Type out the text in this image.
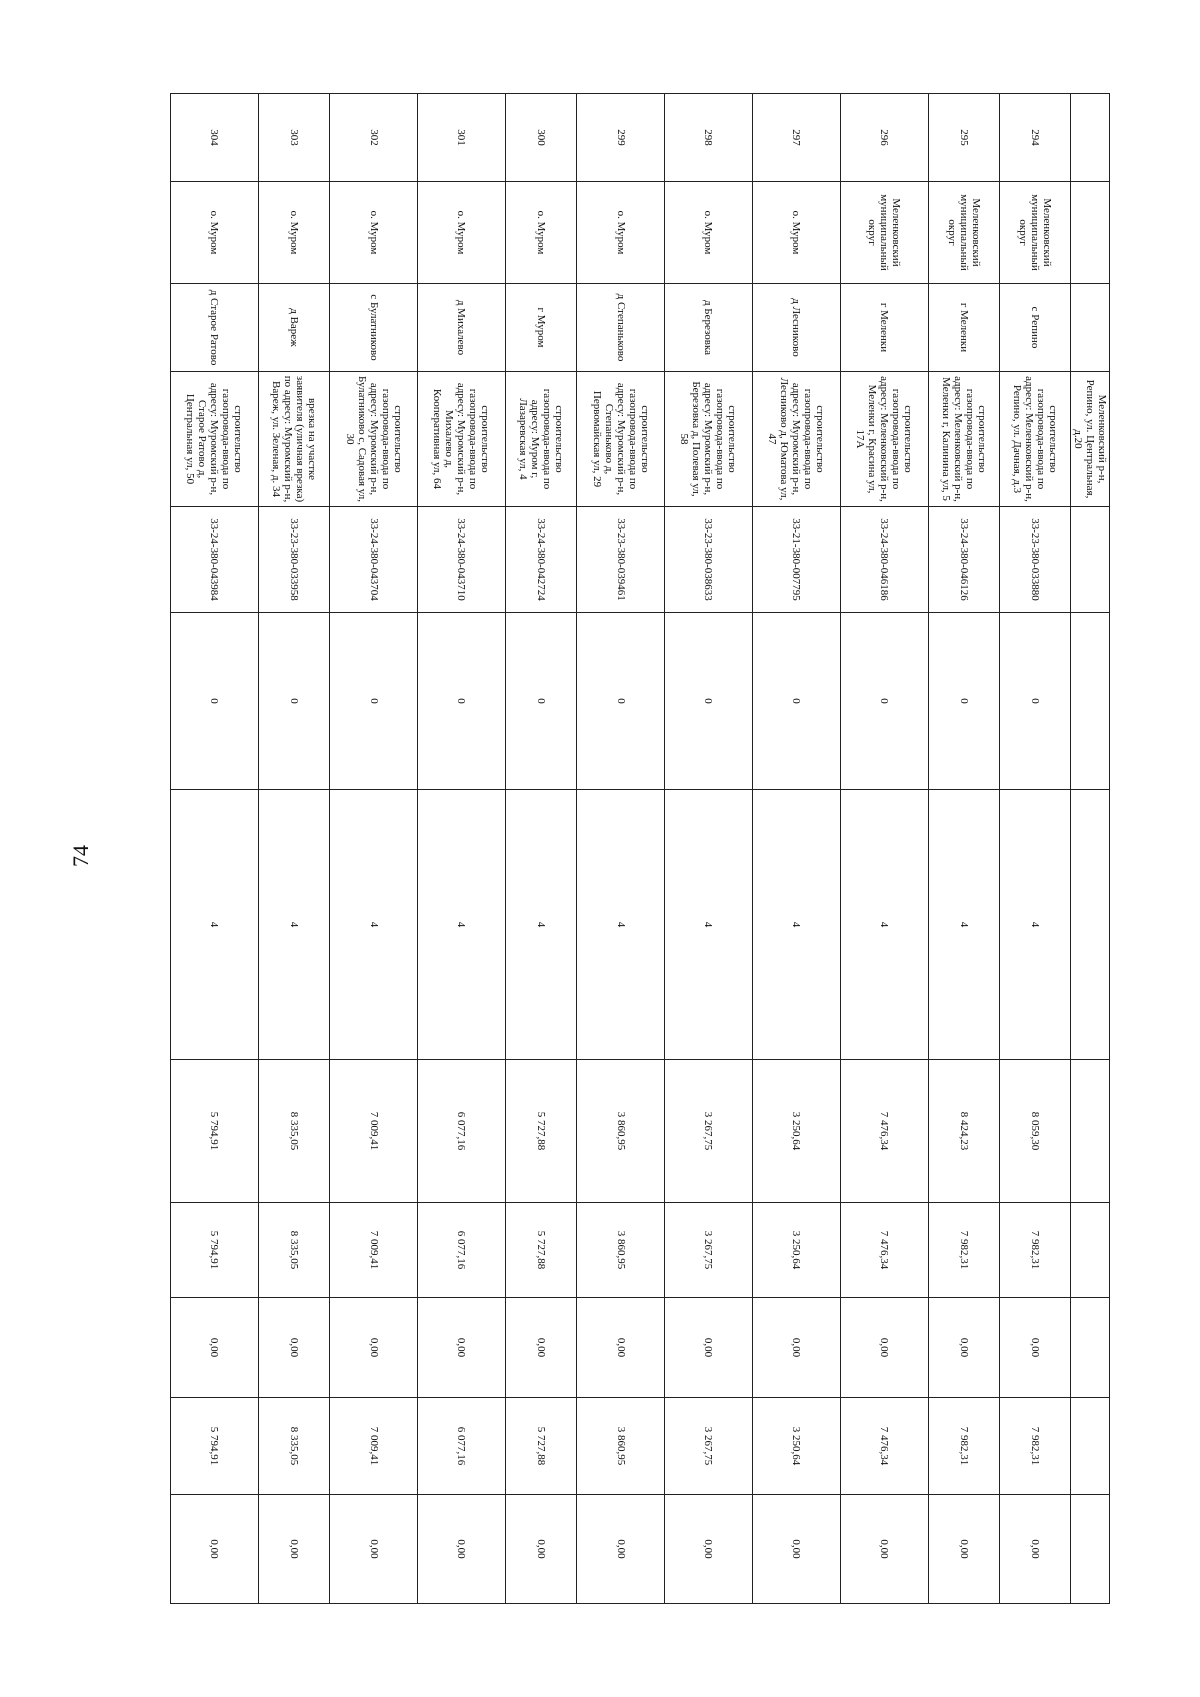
74
			Меленковский р-н, Репино, ул. Центральная, д.20								
294	Меленковский муниципальный округ	с Репино	строительство газопровода-ввода по адресу: Меленковский р-н, Репино, ул. Дачная, д.3	33-23-380-033880	0	4	8 059,30	7 982,31	0,00	7 982,31	0,00
295	Меленковский муниципальный округ	г Меленки	строительство газопровода-ввода по адресу: Меленковский р-н, Меленки г, Калинина ул, 5	33-24-380-046126	0	4	8 424,23	7 982,31	0,00	7 982,31	0,00
296	Меленковский муниципальный округ	г Меленки	строительство газопровода-ввода по адресу: Меленковский р-н, Меленки г, Красина ул, 17А	33-24-380-046186	0	4	7 476,34	7 476,34	0,00	7 476,34	0,00
297	о. Муром	д Лесниково	строительство газопровода-ввода по адресу: Муромский р-н, Лесниково д, Юматова ул, 47	33-21-380-007795	0	4	3 250,64	3 250,64	0,00	3 250,64	0,00
298	о. Муром	д Березовка	строительство газопровода-ввода по адресу: Муромский р-н, Березовка д, Полевая ул, 58	33-23-380-038633	0	4	3 267,75	3 267,75	0,00	3 267,75	0,00
299	о. Муром	д Степаньково	строительство газопровода-ввода по адресу: Муромский р-н, Степаньково д, Первомайская ул, 29	33-23-380-039461	0	4	3 860,95	3 860,95	0,00	3 860,95	0,00
300	о. Муром	г Муром	строительство газопровода-ввода по адресу: Муром г, Лазаревская ул, 4	33-24-380-042724	0	4	5 727,88	5 727,88	0,00	5 727,88	0,00
301	о. Муром	д Михалево	строительство газопровода-ввода по адресу: Муромский р-н, Михалево д, Кооперативная ул, 64	33-24-380-043710	0	4	6 077,16	6 077,16	0,00	6 077,16	0,00
302	о. Муром	с Булатниково	строительство газопровода-ввода по адресу: Муромский р-н, Булатниково с, Садовая ул, 30	33-24-380-043704	0	4	7 009,41	7 009,41	0,00	7 009,41	0,00
303	о. Муром	д Вареж	врезка на участке заявителя (уличная врезка) по адресу: Муромский р-н, Вареж, ул. Зеленая, д. 34	33-23-380-033958	0	4	8 335,05	8 335,05	0,00	8 335,05	0,00
304	о. Муром	д Старое Ратово	строительство газопровода-ввода по адресу: Муромский р-н, Старое Ратово д, Центральная ул, 50	33-24-380-043984	0	4	5 794,91	5 794,91	0,00	5 794,91	0,00
